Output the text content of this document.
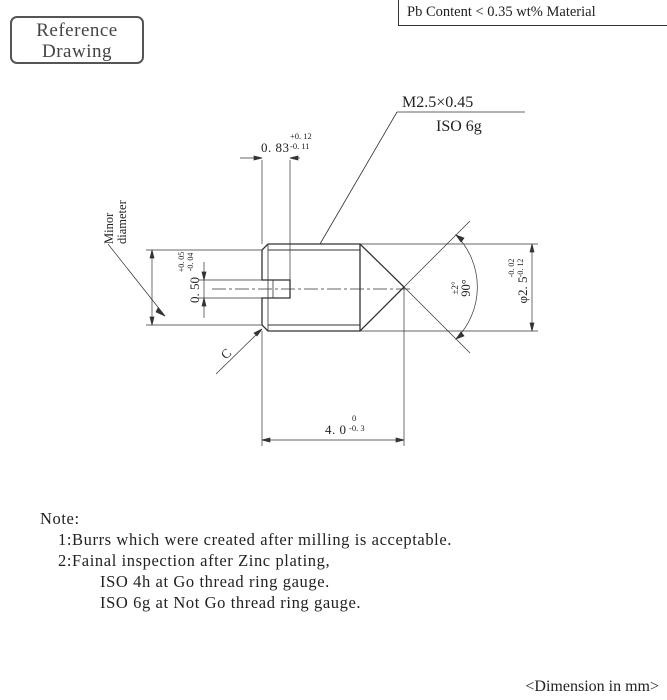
Reference
Drawing
Pb Content < 0.35 wt% Material
0. 83
+0. 12
-0. 11
M2.5×0.45
ISO 6g
Minor diameter
0. 50
+0. 05 -0. 04
C
4. 0
0
-0. 3
±2° 90°	φ2. 5
-0. 02 -0. 12
Note:
1:Burrs which were created after milling is acceptable.
2:Fainal inspection after Zinc plating,
ISO 4h at Go thread ring gauge.
ISO 6g at Not Go thread ring gauge.
<Dimension in mm>
